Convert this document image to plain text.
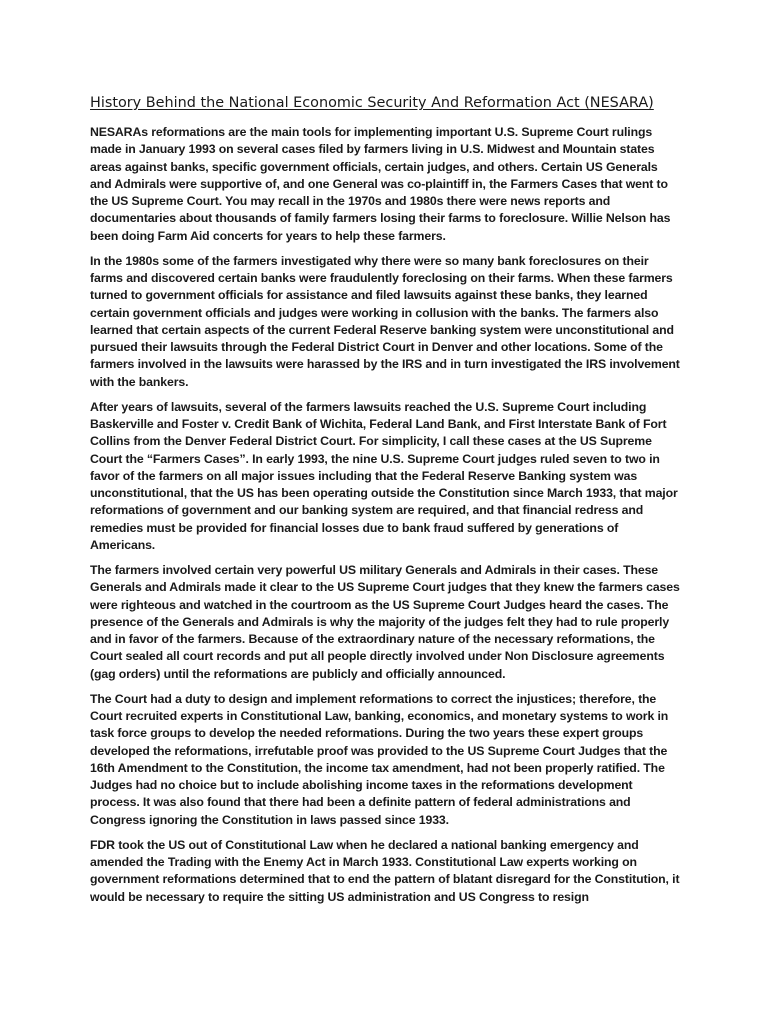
History Behind the National Economic Security And Reformation Act (NESARA)

NESARAs reformations are the main tools for implementing important U.S. Supreme Court rulings made in January 1993 on several cases filed by farmers living in U.S. Midwest and Mountain states areas against banks, specific government officials, certain judges, and others. Certain US Generals and Admirals were supportive of, and one General was co-plaintiff in, the Farmers Cases that went to the US Supreme Court. You may recall in the 1970s and 1980s there were news reports and documentaries about thousands of family farmers losing their farms to foreclosure. Willie Nelson has been doing Farm Aid concerts for years to help these farmers.

In the 1980s some of the farmers investigated why there were so many bank foreclosures on their farms and discovered certain banks were fraudulently foreclosing on their farms. When these farmers turned to government officials for assistance and filed lawsuits against these banks, they learned certain government officials and judges were working in collusion with the banks. The farmers also learned that certain aspects of the current Federal Reserve banking system were unconstitutional and pursued their lawsuits through the Federal District Court in Denver and other locations. Some of the farmers involved in the lawsuits were harassed by the IRS and in turn investigated the IRS involvement with the bankers.

After years of lawsuits, several of the farmers lawsuits reached the U.S. Supreme Court including Baskerville and Foster v. Credit Bank of Wichita, Federal Land Bank, and First Interstate Bank of Fort Collins from the Denver Federal District Court. For simplicity, I call these cases at the US Supreme Court the “Farmers Cases”. In early 1993, the nine U.S. Supreme Court judges ruled seven to two in favor of the farmers on all major issues including that the Federal Reserve Banking system was unconstitutional, that the US has been operating outside the Constitution since March 1933, that major reformations of government and our banking system are required, and that financial redress and remedies must be provided for financial losses due to bank fraud suffered by generations of Americans.

The farmers involved certain very powerful US military Generals and Admirals in their cases. These Generals and Admirals made it clear to the US Supreme Court judges that they knew the farmers cases were righteous and watched in the courtroom as the US Supreme Court Judges heard the cases. The presence of the Generals and Admirals is why the majority of the judges felt they had to rule properly and in favor of the farmers. Because of the extraordinary nature of the necessary reformations, the Court sealed all court records and put all people directly involved under Non Disclosure agreements (gag orders) until the reformations are publicly and officially announced.

The Court had a duty to design and implement reformations to correct the injustices; therefore, the Court recruited experts in Constitutional Law, banking, economics, and monetary systems to work in task force groups to develop the needed reformations. During the two years these expert groups developed the reformations, irrefutable proof was provided to the US Supreme Court Judges that the 16th Amendment to the Constitution, the income tax amendment, had not been properly ratified. The Judges had no choice but to include abolishing income taxes in the reformations development process. It was also found that there had been a definite pattern of federal administrations and Congress ignoring the Constitution in laws passed since 1933.

FDR took the US out of Constitutional Law when he declared a national banking emergency and amended the Trading with the Enemy Act in March 1933. Constitutional Law experts working on government reformations determined that to end the pattern of blatant disregard for the Constitution, it would be necessary to require the sitting US administration and US Congress to resign
